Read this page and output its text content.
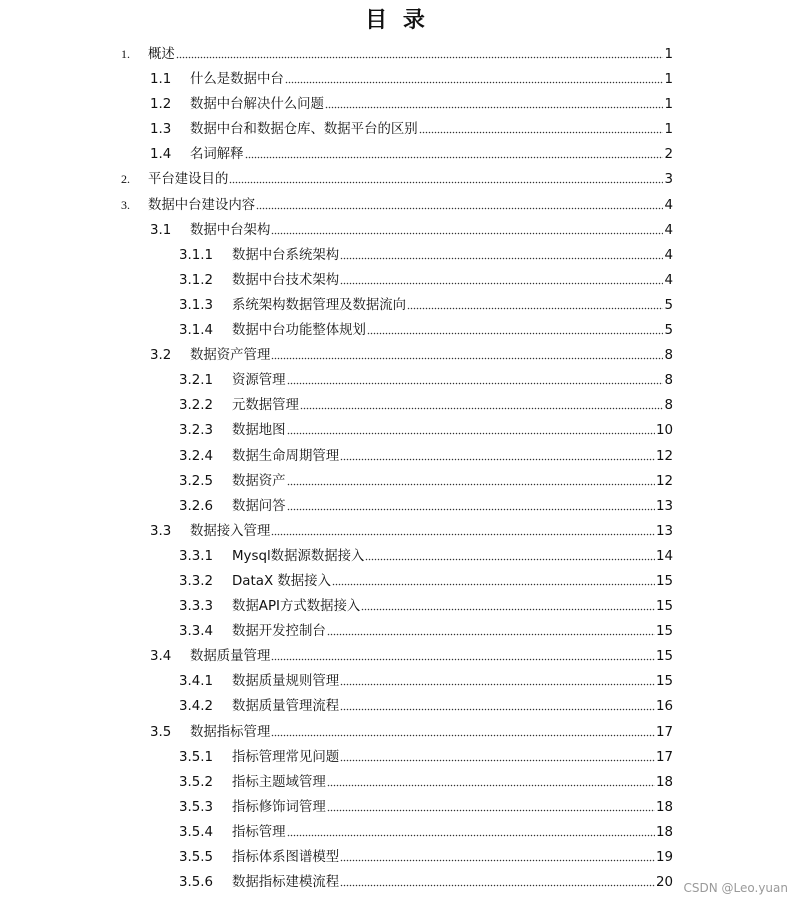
目 录
1. 概述	1
1.1 什么是数据中台	1
1.2 数据中台解决什么问题	1
1.3 数据中台和数据仓库、数据平台的区别	1
1.4 名词解释	2
2. 平台建设目的	3
3. 数据中台建设内容	4
3.1 数据中台架构	4
3.1.1 数据中台系统架构	4
3.1.2 数据中台技术架构	4
3.1.3 系统架构数据管理及数据流向	5
3.1.4 数据中台功能整体规划	5
3.2 数据资产管理	8
3.2.1 资源管理	8
3.2.2 元数据管理	8
3.2.3 数据地图	10
3.2.4 数据生命周期管理	12
3.2.5 数据资产	12
3.2.6 数据问答	13
3.3 数据接入管理	13
3.3.1 Mysql数据源数据接入	14
3.3.2 DataX 数据接入	15
3.3.3 数据API方式数据接入	15
3.3.4 数据开发控制台	15
3.4 数据质量管理	15
3.4.1 数据质量规则管理	15
3.4.2 数据质量管理流程	16
3.5 数据指标管理	17
3.5.1 指标管理常见问题	17
3.5.2 指标主题域管理	18
3.5.3 指标修饰词管理	18
3.5.4 指标管理	18
3.5.5 指标体系图谱模型	19
3.5.6 数据指标建模流程	20 CSDN @Leo.yuan
